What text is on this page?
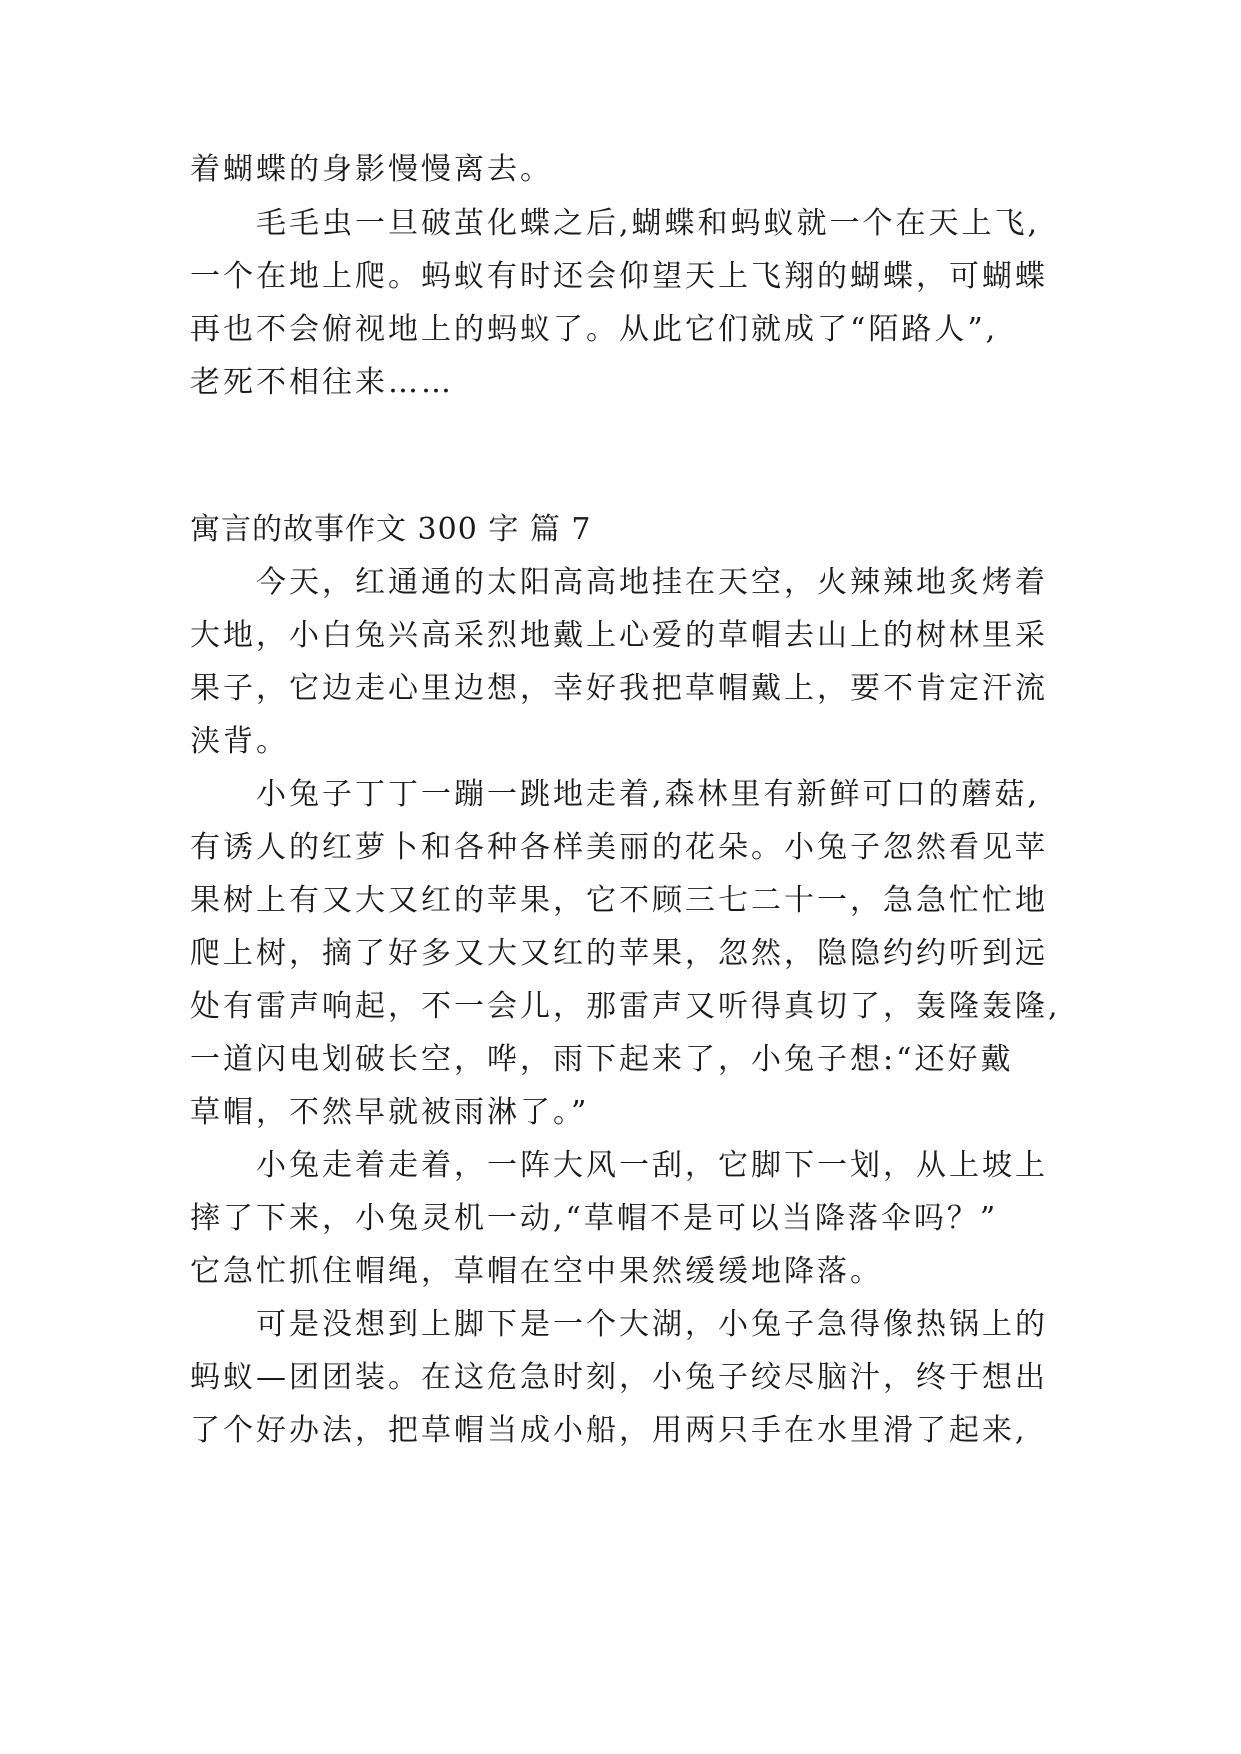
着蝴蝶的身影慢慢离去。
毛毛虫一旦破茧化蝶之后,蝴蝶和蚂蚁就一个在天上飞,
一个在地上爬。蚂蚁有时还会仰望天上飞翔的蝴蝶，可蝴蝶
再也不会俯视地上的蚂蚁了。从此它们就成了“陌路人”,
老死不相往来……
寓言的故事作文 300 字 篇 7
今天，红通通的太阳高高地挂在天空，火辣辣地炙烤着
大地，小白兔兴高采烈地戴上心爱的草帽去山上的树林里采
果子，它边走心里边想，幸好我把草帽戴上，要不肯定汗流
浃背。
小兔子丁丁一蹦一跳地走着,森林里有新鲜可口的蘑菇,
有诱人的红萝卜和各种各样美丽的花朵。小兔子忽然看见苹
果树上有又大又红的苹果，它不顾三七二十一，急急忙忙地
爬上树，摘了好多又大又红的苹果，忽然，隐隐约约听到远
处有雷声响起，不一会儿，那雷声又听得真切了，轰隆轰隆,
一道闪电划破长空，哗，雨下起来了，小兔子想:“还好戴
草帽，不然早就被雨淋了。”
小兔走着走着，一阵大风一刮，它脚下一划，从上坡上
摔了下来，小兔灵机一动,“草帽不是可以当降落伞吗？”
它急忙抓住帽绳，草帽在空中果然缓缓地降落。
可是没想到上脚下是一个大湖，小兔子急得像热锅上的
蚂蚁—团团装。在这危急时刻，小兔子绞尽脑汁，终于想出
了个好办法，把草帽当成小船，用两只手在水里滑了起来,
